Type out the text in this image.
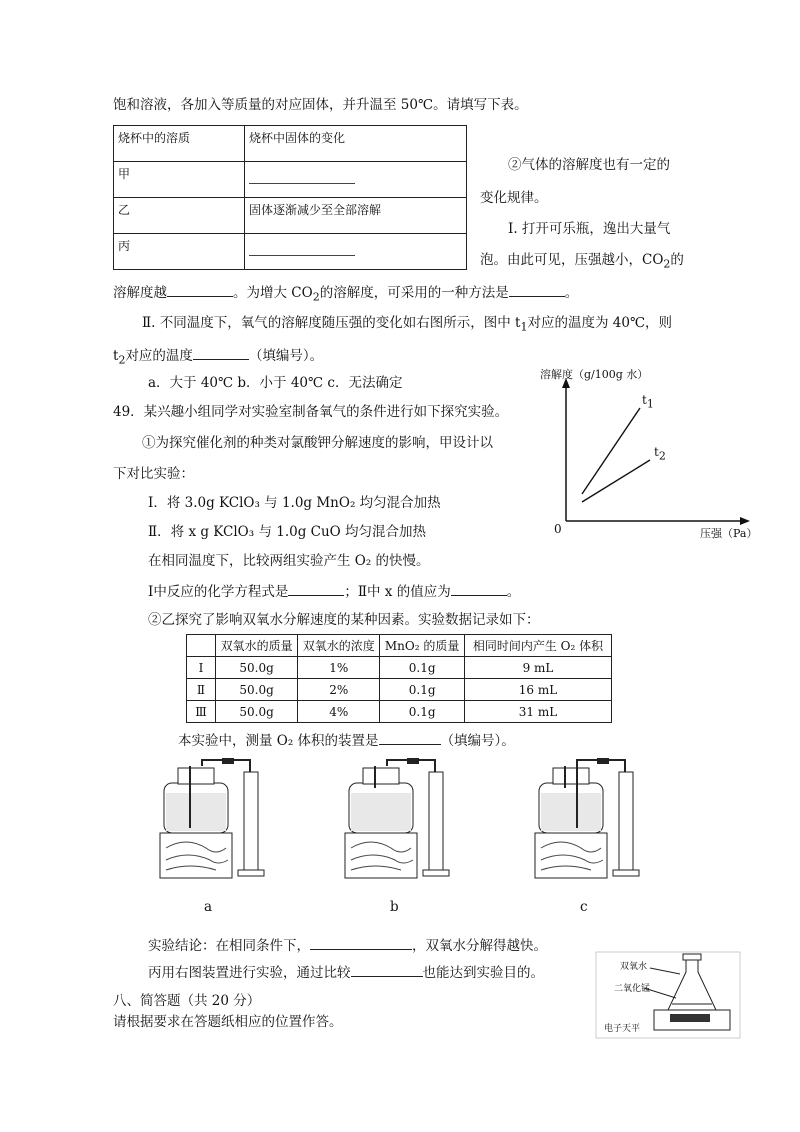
饱和溶液，各加入等质量的对应固体，并升温至 50℃。请填写下表。
烧杯中的溶质	烧杯中固体的变化
甲	
乙	固体逐渐减少至全部溶解
丙	
②气体的溶解度也有一定的
变化规律。
Ⅰ. 打开可乐瓶，逸出大量气
泡。由此可见，压强越小，$CO_2$的
溶解度越	。为增大 $CO_2$的溶解度，可采用的一种方法是	。
Ⅱ. 不同温度下，氧气的溶解度随压强的变化如右图所示，图中 $t_1$对应的温度为 40℃，则
$t_2$对应的温度	（填编号）。
a．大于 40℃ b．小于 40℃ c．无法确定
溶解度（g/100g 水）
$t_1$
$t_2$
0	压强（Pa）
49．某兴趣小组同学对实验室制备氧气的条件进行如下探究实验。
①为探究催化剂的种类对氯酸钾分解速度的影响，甲设计以
下对比实验：
Ⅰ．将 3.0g KClO₃ 与 1.0g MnO₂ 均匀混合加热
Ⅱ．将 x g KClO₃ 与 1.0g CuO 均匀混合加热
在相同温度下，比较两组实验产生 O₂ 的快慢。
Ⅰ中反应的化学方程式是	；Ⅱ中 x 的值应为	。
②乙探究了影响双氧水分解速度的某种因素。实验数据记录如下：
	双氧水的质量	双氧水的浓度	MnO₂ 的质量	相同时间内产生 O₂ 体积
Ⅰ	50.0g	1%	0.1g	9 mL
Ⅱ	50.0g	2%	0.1g	16 mL
Ⅲ	50.0g	4%	0.1g	31 mL
本实验中，测量 O₂ 体积的装置是	（填编号）。
a	b	c
实验结论：在相同条件下，	，双氧水分解得越快。
丙用右图装置进行实验，通过比较	也能达到实验目的。	双氧水
二氧化锰
电子天平
八、简答题（共 20 分）
请根据要求在答题纸相应的位置作答。
